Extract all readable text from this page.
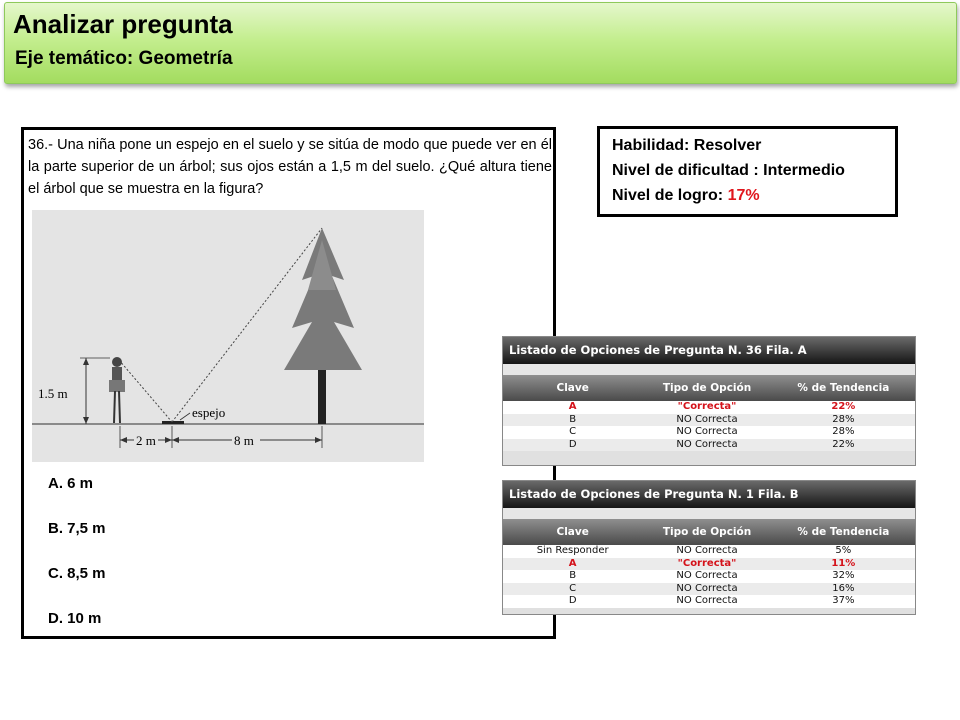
Analizar pregunta
Eje temático: Geometría
36.- Una niña pone un espejo en el suelo y se sitúa de modo que puede ver en él la parte superior de un árbol; sus ojos están a 1,5 m del suelo. ¿Qué altura tiene el árbol que se muestra en la figura?
1.5 m
espejo
2 m	8 m
A. 6 m
B. 7,5 m
C. 8,5 m
D. 10 m
Habilidad: Resolver
Nivel de dificultad : Intermedio
Nivel de logro: 17%
Listado de Opciones de Pregunta N. 36 Fila. A
Clave	Tipo de Opción	% de Tendencia
A	"Correcta"	22%
B	NO Correcta	28%
C	NO Correcta	28%
D	NO Correcta	22%
Listado de Opciones de Pregunta N. 1 Fila. B
Clave	Tipo de Opción	% de Tendencia
Sin Responder	NO Correcta	5%
A	"Correcta"	11%
B	NO Correcta	32%
C	NO Correcta	16%
D	NO Correcta	37%
